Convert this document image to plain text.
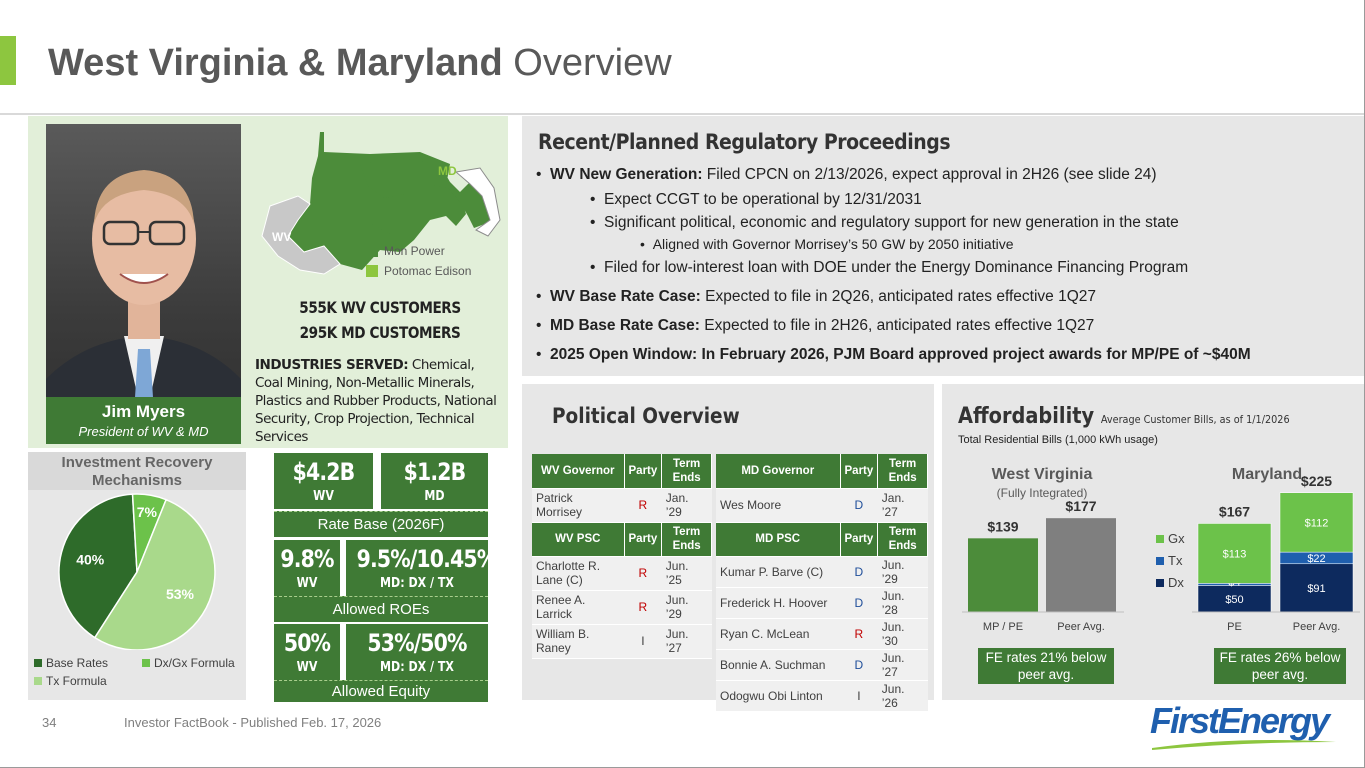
West Virginia & Maryland Overview
Jim Myers
President of WV & MD
WV
MD
Mon Power
Potomac Edison
555K WV CUSTOMERS
295K MD CUSTOMERS
INDUSTRIES SERVED: Chemical, Coal Mining, Non-Metallic Minerals, Plastics and Rubber Products, National Security, Crop Projection, Technical Services
Investment Recovery Mechanisms
40%
7%
53%
Base Rates	Dx/Gx Formula
Tx Formula
$4.2B
WV
$1.2B
MD
Rate Base (2026F)
9.8%
WV
9.5%/10.45%
MD: DX / TX
Allowed ROEs
50%
WV
53%/50%
MD: DX / TX
Allowed Equity
Recent/Planned Regulatory Proceedings
•  WV New Generation: Filed CPCN on 2/13/2026, expect approval in 2H26 (see slide 24)
•  Expect CCGT to be operational by 12/31/2031
•  Significant political, economic and regulatory support for new generation in the state
•  Aligned with Governor Morrisey’s 50 GW by 2050 initiative
•  Filed for low-interest loan with DOE under the Energy Dominance Financing Program
•  WV Base Rate Case: Expected to file in 2Q26, anticipated rates effective 1Q27
•  MD Base Rate Case: Expected to file in 2H26, anticipated rates effective 1Q27
•  2025 Open Window: In February 2026, PJM Board approved project awards for MP/PE of ~$40M
Political Overview
WV Governor	Party	Term Ends
Patrick Morrisey	R	Jan. ’29
WV PSC	Party	Term Ends
Charlotte R. Lane (C)	R	Jun. ’25
Renee A. Larrick	R	Jun. ’29
William B. Raney	I	Jun. ’27
MD Governor	Party	Term Ends
Wes Moore	D	Jan. ’27
MD PSC	Party	Term Ends
Kumar P. Barve (C)	D	Jun. ’29
Frederick H. Hoover	D	Jun. ’28
Ryan C. McLean	R	Jun. ’30
Bonnie A. Suchman	D	Jun. ’27
Odogwu Obi Linton	I	Jun. ’26
Affordability Average Customer Bills, as of 1/1/2026
Total Residential Bills (1,000 kWh usage)
West Virginia
(Fully Integrated)
Maryland
$139
MP / PE
$177
Peer Avg.
$50
$113
$167
PE
$91
$22
$112
$225
Peer Avg.
Gx
Tx
Dx
FE rates 21% below peer avg.
FE rates 26% below peer avg.
34	Investor FactBook - Published Feb. 17, 2026	FirstEnergy
